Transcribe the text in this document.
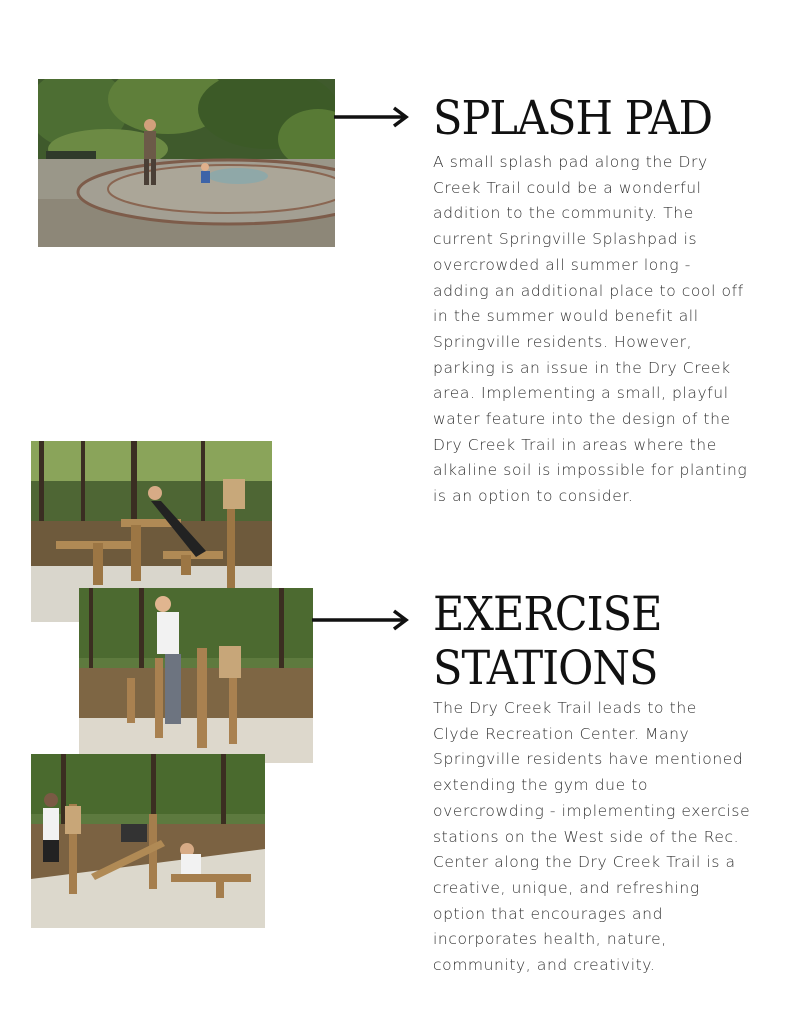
SPLASH PAD
A small splash pad along the Dry
Creek Trail could be a wonderful
addition to the community. The
current Springville Splashpad is
overcrowded all summer long -
adding an additional place to cool off
in the summer would benefit all
Springville residents. However,
parking is an issue in the Dry Creek
area. Implementing a small, playful
water feature into the design of the
Dry Creek Trail in areas where the
alkaline soil is impossible for planting
is an option to consider.
EXERCISE
STATIONS
The Dry Creek Trail leads to the
Clyde Recreation Center. Many
Springville residents have mentioned
extending the gym due to
overcrowding - implementing exercise
stations on the West side of the Rec.
Center along the Dry Creek Trail is a
creative, unique, and refreshing
option that encourages and
incorporates health, nature,
community, and creativity.
